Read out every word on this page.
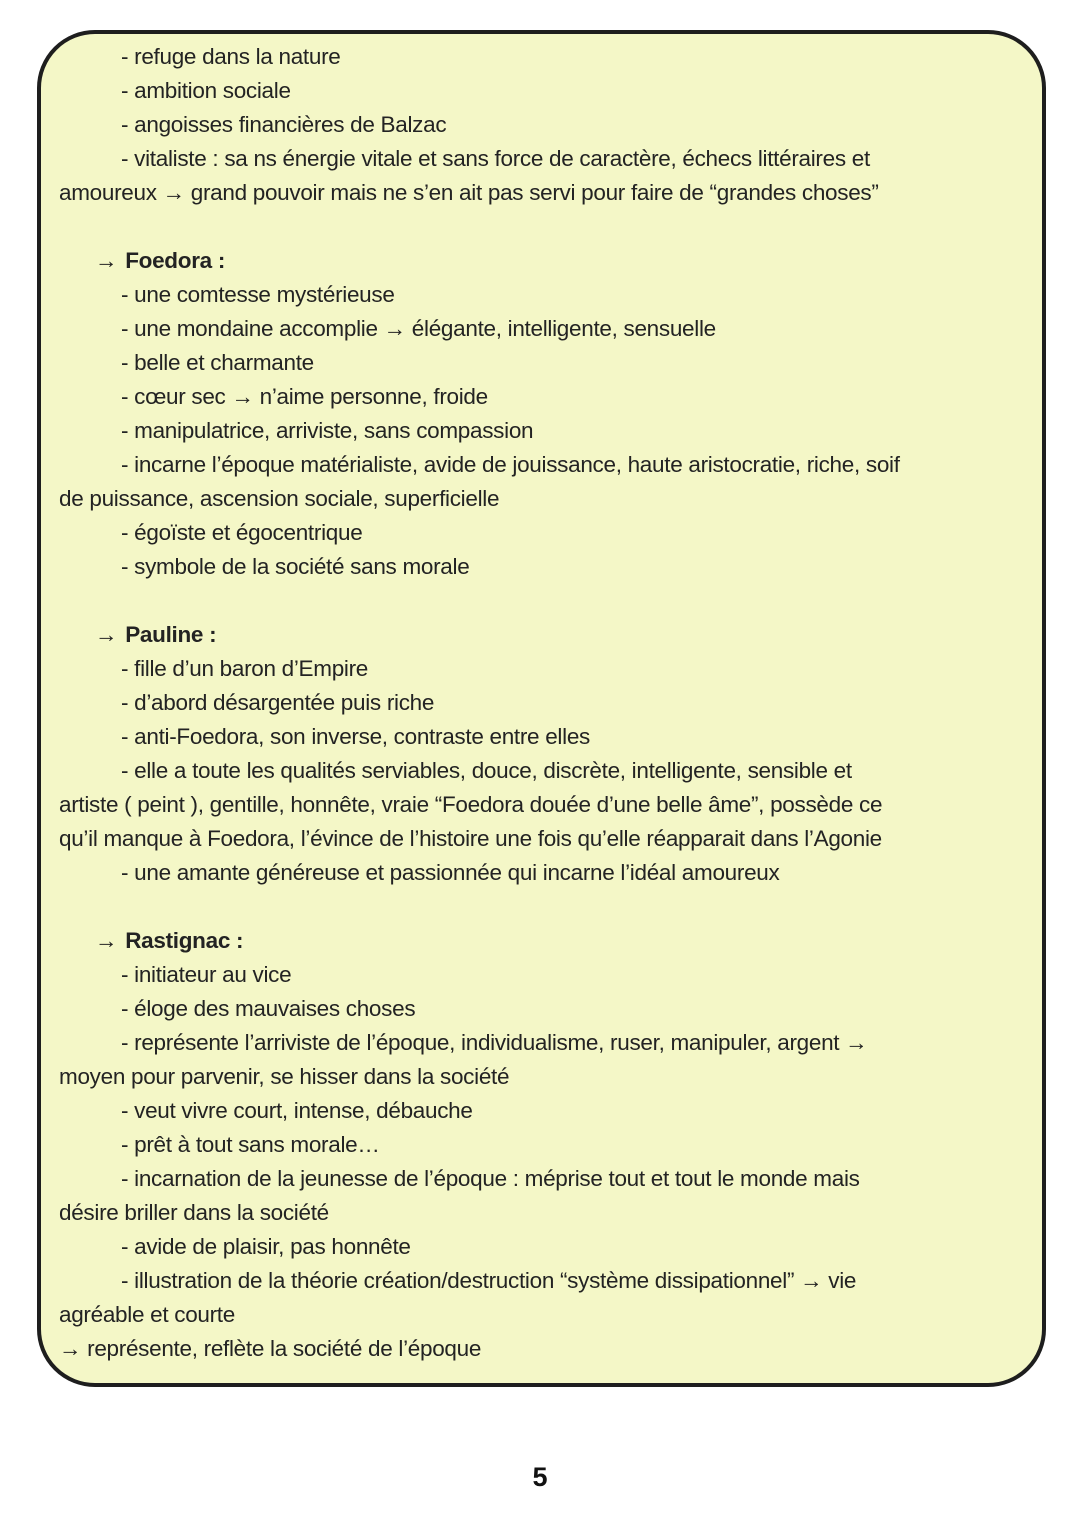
- refuge dans la nature
- ambition sociale
- angoisses financières de Balzac
- vitaliste : sa ns énergie vitale et sans force de caractère, échecs littéraires et
amoureux → grand pouvoir mais ne s’en ait pas servi pour faire de “grandes choses”
→ Foedora :
- une comtesse mystérieuse
- une mondaine accomplie → élégante, intelligente, sensuelle
- belle et charmante
- cœur sec → n’aime personne, froide
- manipulatrice, arriviste, sans compassion
- incarne l’époque matérialiste, avide de jouissance, haute aristocratie, riche, soif
de puissance, ascension sociale, superficielle
- égoïste et égocentrique
- symbole de la société sans morale
→ Pauline :
- fille d’un baron d’Empire
- d’abord désargentée puis riche
- anti-Foedora, son inverse, contraste entre elles
- elle a toute les qualités serviables, douce, discrète, intelligente, sensible et
artiste ( peint ), gentille, honnête, vraie “Foedora douée d’une belle âme”, possède ce
qu’il manque à Foedora, l’évince de l’histoire une fois qu’elle réapparait dans l’Agonie
- une amante généreuse et passionnée qui incarne l’idéal amoureux
→ Rastignac :
- initiateur au vice
- éloge des mauvaises choses
- représente l’arriviste de l’époque, individualisme, ruser, manipuler, argent →
moyen pour parvenir, se hisser dans la société
- veut vivre court, intense, débauche
- prêt à tout sans morale…
- incarnation de la jeunesse de l’époque : méprise tout et tout le monde mais
désire briller dans la société
- avide de plaisir, pas honnête
- illustration de la théorie création/destruction “système dissipationnel” → vie
agréable et courte
→ représente, reflète la société de l’époque
5
